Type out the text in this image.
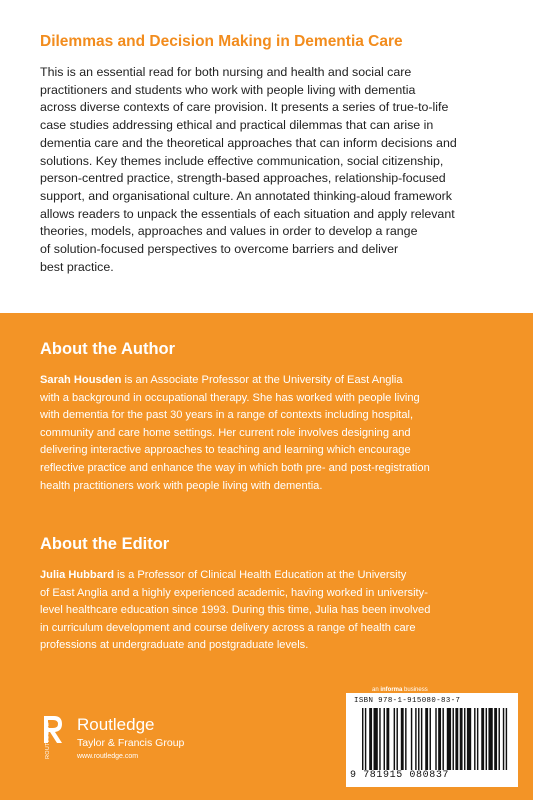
Dilemmas and Decision Making in Dementia Care
This is an essential read for both nursing and health and social care
practitioners and students who work with people living with dementia
across diverse contexts of care provision. It presents a series of true-to-life
case studies addressing ethical and practical dilemmas that can arise in
dementia care and the theoretical approaches that can inform decisions and
solutions. Key themes include effective communication, social citizenship,
person-centred practice, strength-based approaches, relationship-focused
support, and organisational culture. An annotated thinking-aloud framework
allows readers to unpack the essentials of each situation and apply relevant
theories, models, approaches and values in order to develop a range
of solution-focused perspectives to overcome barriers and deliver
best practice.
About the Author
Sarah Housden is an Associate Professor at the University of East Anglia
with a background in occupational therapy. She has worked with people living
with dementia for the past 30 years in a range of contexts including hospital,
community and care home settings. Her current role involves designing and
delivering interactive approaches to teaching and learning which encourage
reflective practice and enhance the way in which both pre- and post-registration
health practitioners work with people living with dementia.
About the Editor
Julia Hubbard is a Professor of Clinical Health Education at the University
of East Anglia and a highly experienced academic, having worked in university-
level healthcare education since 1993. During this time, Julia has been involved
in curriculum development and course delivery across a range of health care
professions at undergraduate and postgraduate levels.
ROUTLEDGE Routledge
Taylor & Francis Group
www.routledge.com
an informa business
ISBN 978-1-915080-83-7
9 781915 080837
